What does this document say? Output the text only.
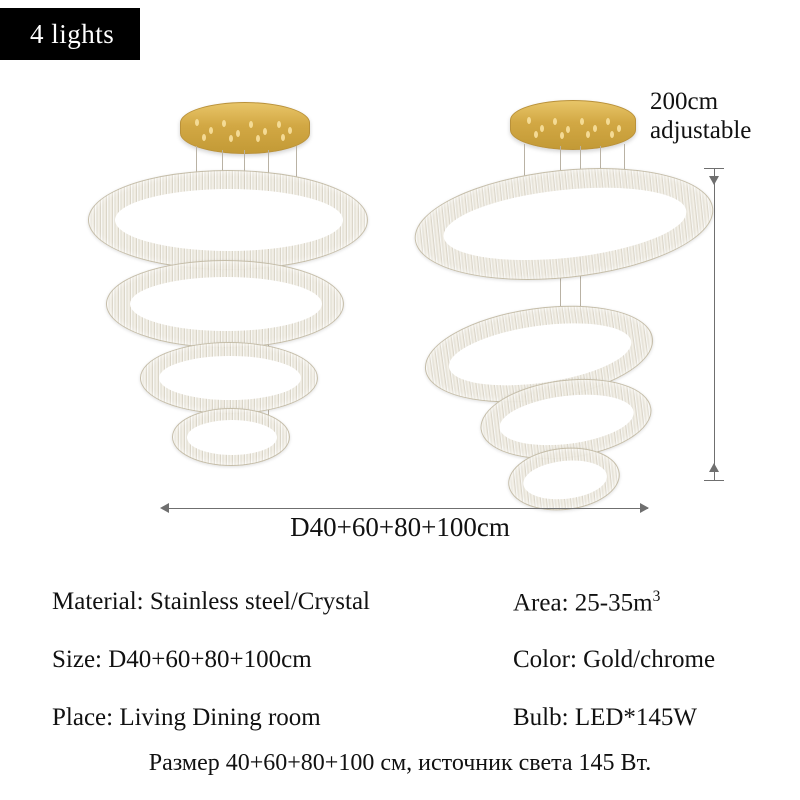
4 lights
200cm
adjustable
D40+60+80+100cm
Material: Stainless steel/Crystal
Size: D40+60+80+100cm
Place: Living Dining room
Area: $25-35m^3$
Color: Gold/chrome
Bulb: LED*145W
Размер 40+60+80+100 см, источник света 145 Вт.
